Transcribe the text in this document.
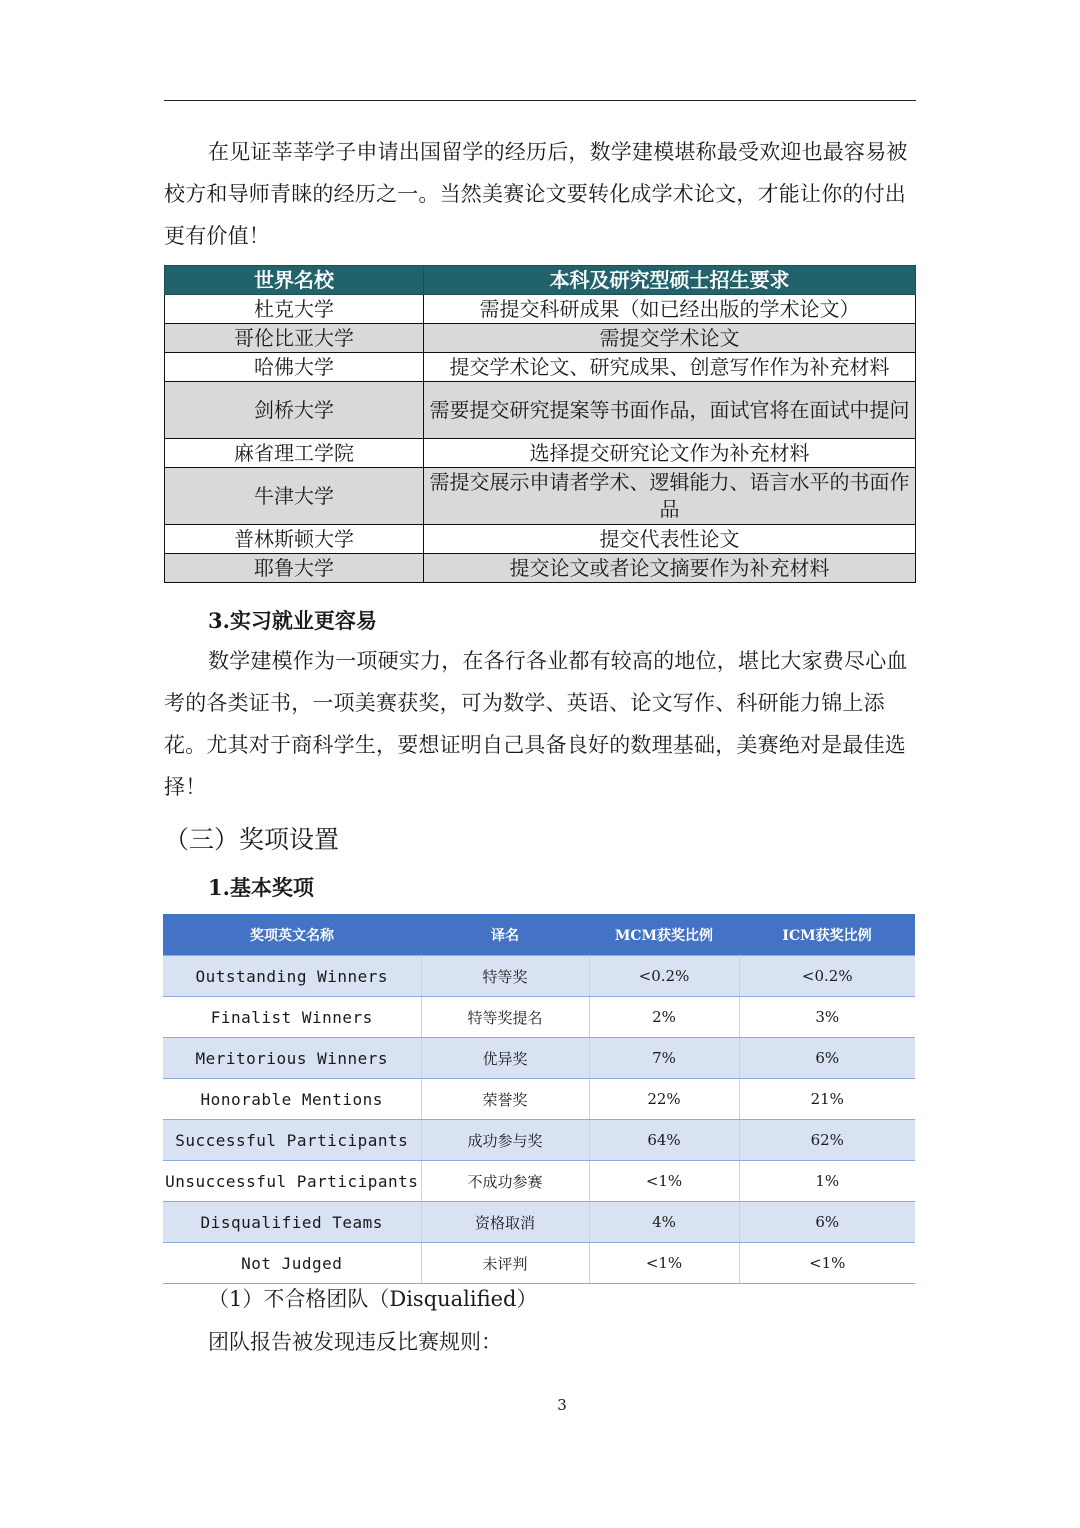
在见证莘莘学子申请出国留学的经历后，数学建模堪称最受欢迎也最容易被校方和导师青睐的经历之一。当然美赛论文要转化成学术论文，才能让你的付出更有价值！
世界名校	本科及研究型硕士招生要求
杜克大学	需提交科研成果（如已经出版的学术论文）
哥伦比亚大学	需提交学术论文
哈佛大学	提交学术论文、研究成果、创意写作作为补充材料
剑桥大学	需要提交研究提案等书面作品，面试官将在面试中提问
麻省理工学院	选择提交研究论文作为补充材料
牛津大学	需提交展示申请者学术、逻辑能力、语言水平的书面作品
普林斯顿大学	提交代表性论文
耶鲁大学	提交论文或者论文摘要作为补充材料
3.实习就业更容易
数学建模作为一项硬实力，在各行各业都有较高的地位，堪比大家费尽心血考的各类证书，一项美赛获奖，可为数学、英语、论文写作、科研能力锦上添花。尤其对于商科学生，要想证明自己具备良好的数理基础，美赛绝对是最佳选择！
（三）奖项设置
1.基本奖项
奖项英文名称	译名	MCM获奖比例	ICM获奖比例
Outstanding Winners	特等奖	<0.2%	<0.2%
Finalist Winners	特等奖提名	2%	3%
Meritorious Winners	优异奖	7%	6%
Honorable Mentions	荣誉奖	22%	21%
Successful Participants	成功参与奖	64%	62%
Unsuccessful Participants	不成功参赛	<1%	1%
Disqualified Teams	资格取消	4%	6%
Not Judged	未评判	<1%	<1%
（1）不合格团队（Disqualified）
团队报告被发现违反比赛规则：
3
